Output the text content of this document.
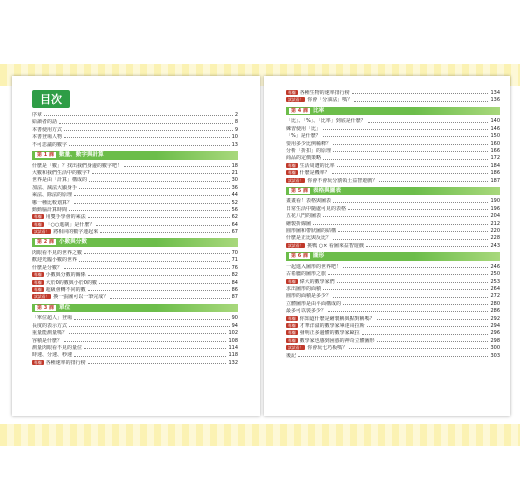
目次
序章	2
給讀者的話	8
本書使用方式	9
本書登場人物	10
不可思議的數字	13
第 1 課 數量、數字與計算
什麼是「數」？找出我們身邊的數字吧！	18
大數和我們生活中的數字?	21
世界是由「計算」構成的	30
加法、減法大顯身手	36
乘法、除法的原理	44
哪一種比較划算？	52
動動腦計算時間	56
專欄 用雙手學會的乘法	62
專欄 「○○進制」是什麼？	64
試試看！ 將相同的數字連起來	67
第 2 課 小數與分數
肉眼看不見的世界之數	70
歡迎光臨小數的世界	71
什麼是分數？	76
專欄 小數與分數的關係	82
專欄 大於0的數與小於0的數	84
專欄 超級會轉不同的數	86
試試看！ 換一張圖可以一筆完成？	87
第 3 課 單位
「單位超人」登場	90
長度的表示方式	94
重量能測量嗎？	102
容積是什麼？	108
測量肉眼看不見的量位	114
時速、分速、秒速	118
專欄 各種速率的排行榜	132
專欄 各種生物的速率排行榜	134
試試看！ 你會「分油法」嗎？	136
第 4 課 比率
「比」、「%」、「比率」到底是什麼？	140
練習使用「比」	146
「%」是什麼？	150
要用多少比例稀釋？	160
分析「折扣」的原理	166
商品的定價策略	172
專欄 生活周遭的比率	184
專欄 什麼是機率？	186
試試看！ 你會不會玩分割領土益智遊戲？	187
第 5 課 表格與圖表
畫畫看！表格與圖表	190
日常生活中隨處可見的表格	196
五花八門的圖表	204
繪製折線圖	212
圓形圖和帶狀圖的結構	220
什麼是正比與反比？	228
試試看！ 挑戰 ○× 看圖來益智遊戲	243
第 6 課 圖形
一起進入圖形的世界吧！	246
古希臘的圖形之旅	250
專欄 偉大的數學家們	253
求出圖形的面積	264
圓形的面積是多少？	272
立體圖形是由平面構成的	280
最多可以裝多少？	286
專欄 你知道什麼是繪製稱與點對稱嗎？	292
專欄 才華洋溢的數學家畢達哥拉斯	294
專欄 發明正多邊體的數學家歐拉	296
專欄 數學家也感到困惑的神奇立體圖形	298
試試看！ 你會玩七巧板嗎？	300
後記	303
